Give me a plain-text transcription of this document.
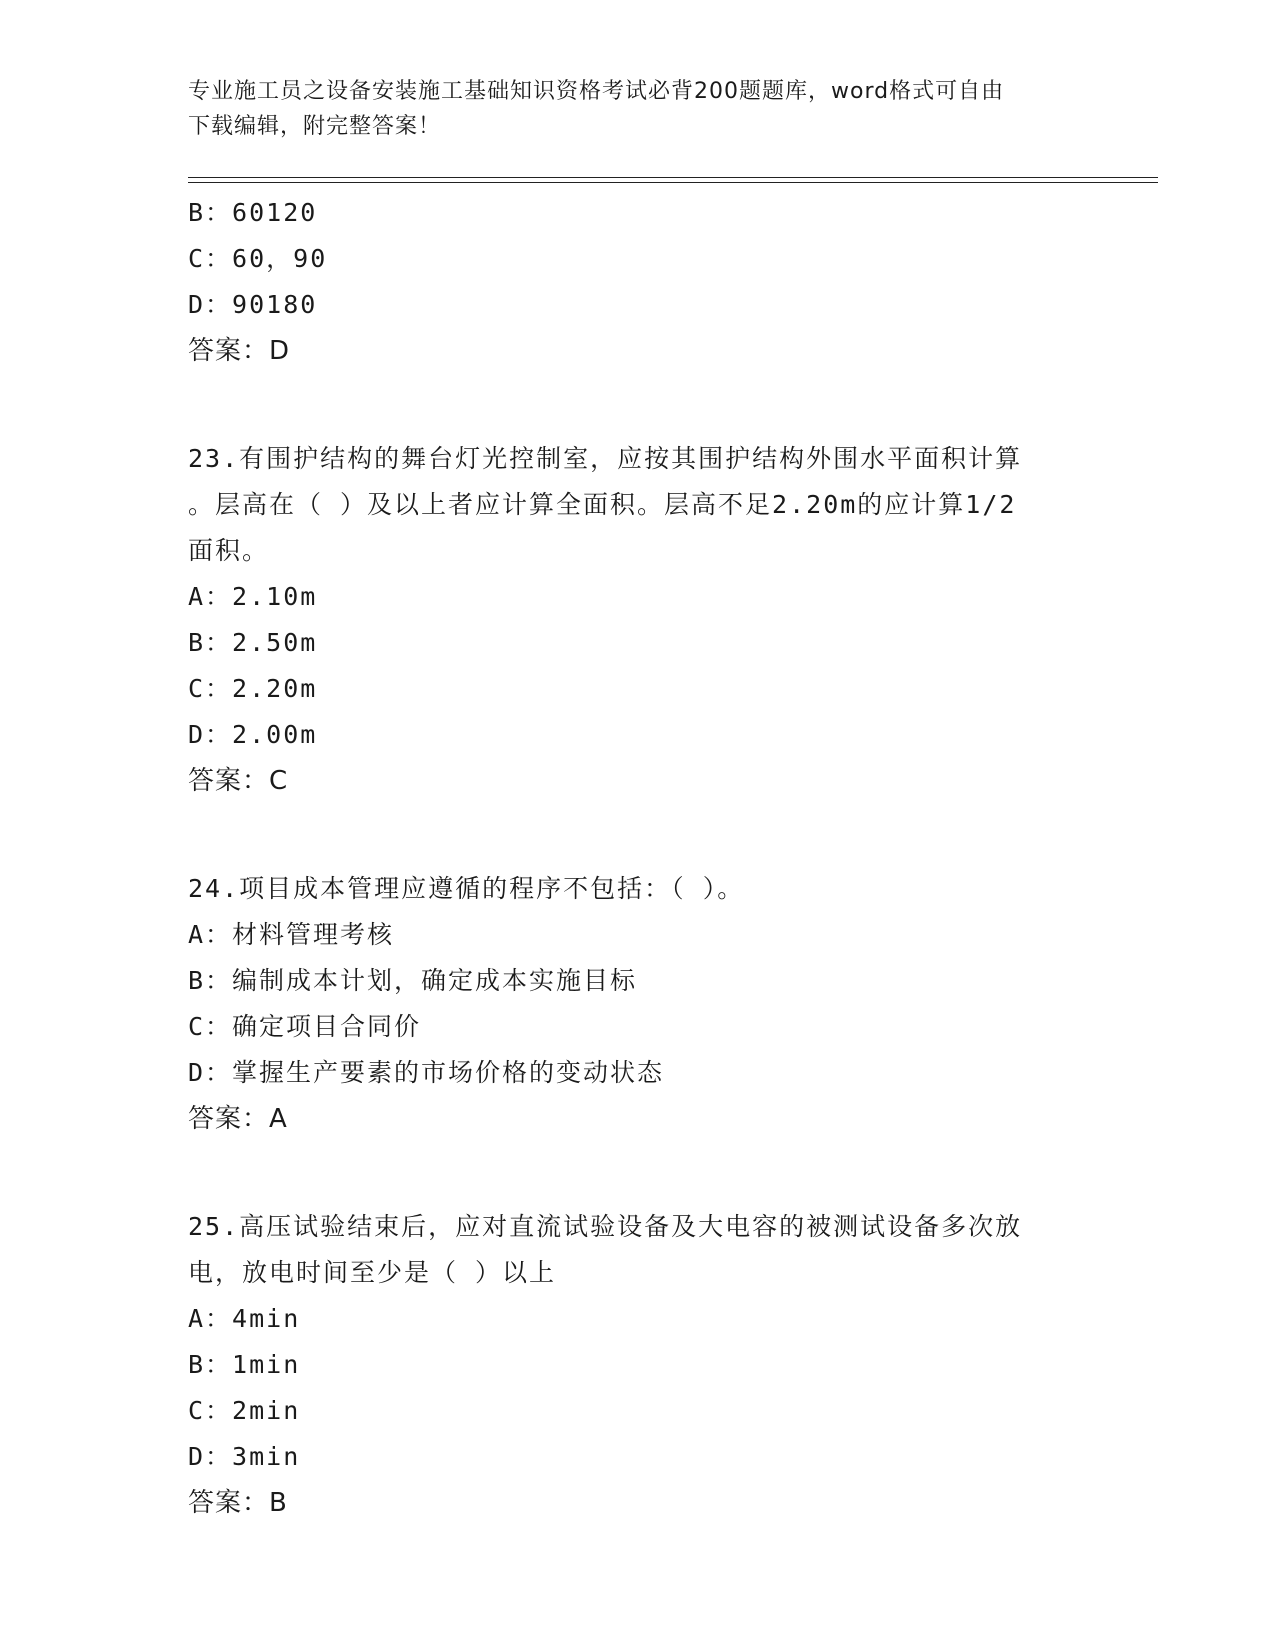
专业施工员之设备安装施工基础知识资格考试必背200题题库，word格式可自由
下载编辑，附完整答案！
B：60120
C：60，90
D：90180
答案：D
23.有围护结构的舞台灯光控制室，应按其围护结构外围水平面积计算
。层高在（ ）及以上者应计算全面积。层高不足2.20m的应计算1/2
面积。
A：2.10m
B：2.50m
C：2.20m
D：2.00m
答案：C
24.项目成本管理应遵循的程序不包括：（ ）。
A：材料管理考核
B：编制成本计划，确定成本实施目标
C：确定项目合同价
D：掌握生产要素的市场价格的变动状态
答案：A
25.高压试验结束后，应对直流试验设备及大电容的被测试设备多次放
电，放电时间至少是（ ）以上
A：4min
B：1min
C：2min
D：3min
答案：B
